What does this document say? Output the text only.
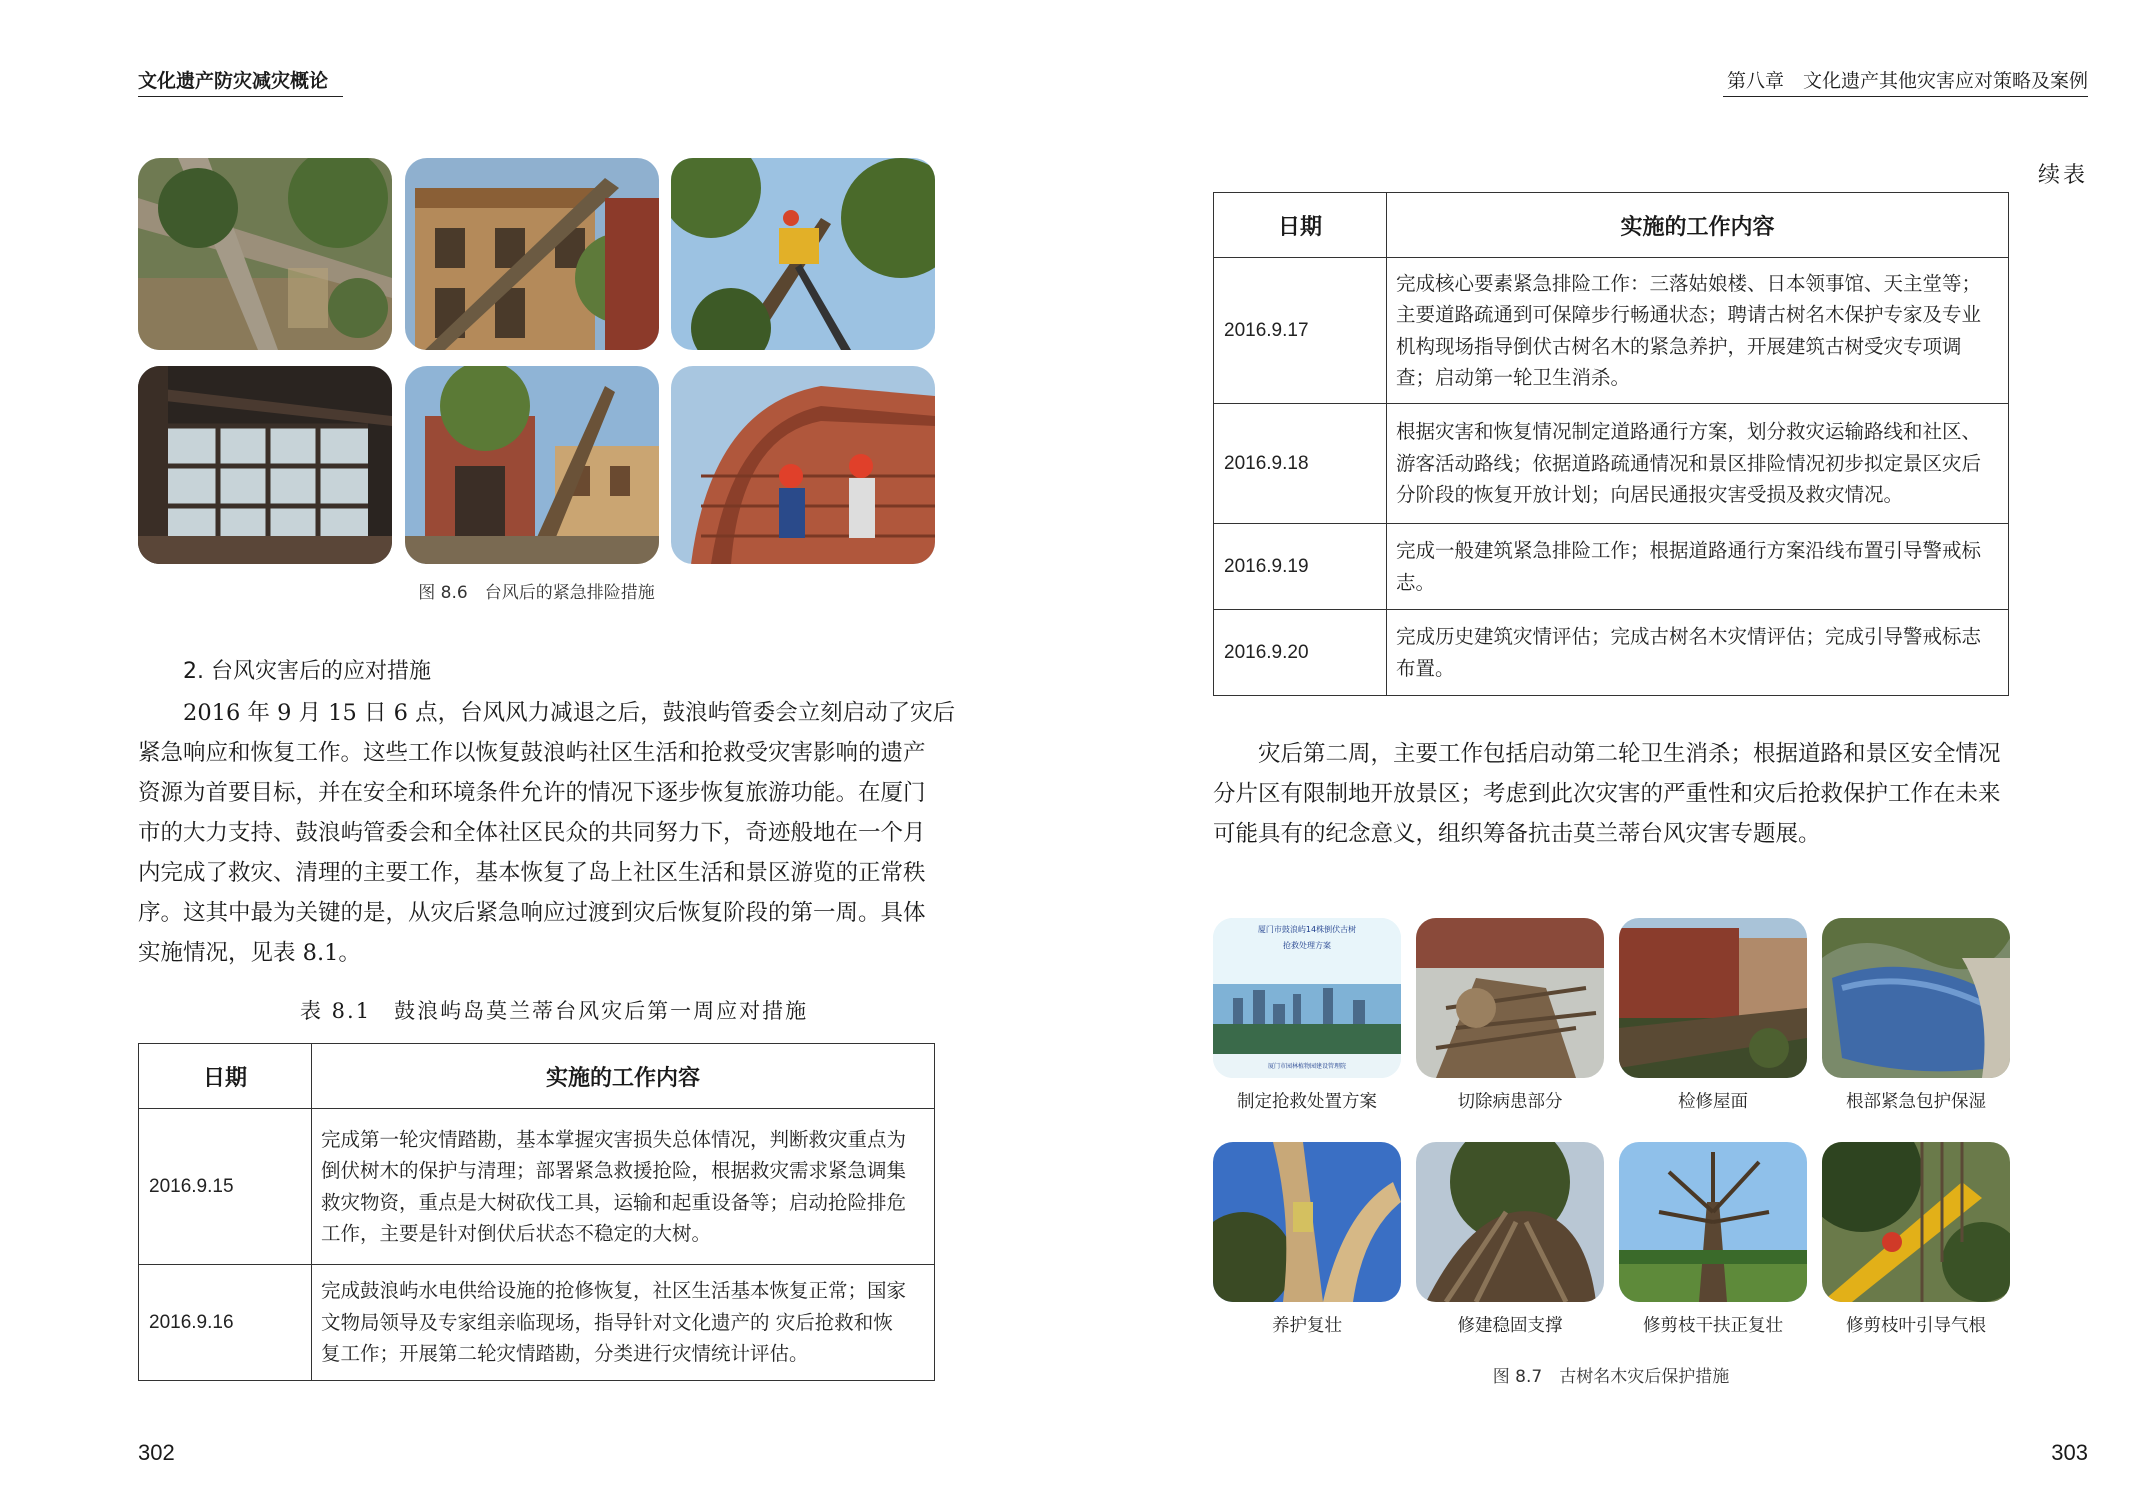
文化遗产防灾减灾概论
图 8.6　台风后的紧急排险措施
2. 台风灾害后的应对措施
2016 年 9 月 15 日 6 点，台风风力减退之后，鼓浪屿管委会立刻启动了灾后
紧急响应和恢复工作。这些工作以恢复鼓浪屿社区生活和抢救受灾害影响的遗产
资源为首要目标，并在安全和环境条件允许的情况下逐步恢复旅游功能。在厦门
市的大力支持、鼓浪屿管委会和全体社区民众的共同努力下，奇迹般地在一个月
内完成了救灾、清理的主要工作，基本恢复了岛上社区生活和景区游览的正常秩
序。这其中最为关键的是，从灾后紧急响应过渡到灾后恢复阶段的第一周。具体
实施情况，见表 8.1。
表 8.1　鼓浪屿岛莫兰蒂台风灾后第一周应对措施
日期	实施的工作内容
2016.9.15	完成第一轮灾情踏勘，基本掌握灾害损失总体情况，判断救灾重点为
倒伏树木的保护与清理；部署紧急救援抢险，根据救灾需求紧急调集
救灾物资，重点是大树砍伐工具，运输和起重设备等；启动抢险排危
工作，主要是针对倒伏后状态不稳定的大树。

2016.9.16	完成鼓浪屿水电供给设施的抢修恢复，社区生活基本恢复正常；国家
文物局领导及专家组亲临现场，指导针对文化遗产的 灾后抢救和恢
复工作；开展第二轮灾情踏勘，分类进行灾情统计评估。
302
第八章　文化遗产其他灾害应对策略及案例
续表
日期	实施的工作内容
2016.9.17	完成核心要素紧急排险工作：三落姑娘楼、日本领事馆、天主堂等；
主要道路疏通到可保障步行畅通状态；聘请古树名木保护专家及专业
机构现场指导倒伏古树名木的紧急养护，开展建筑古树受灾专项调
查；启动第一轮卫生消杀。

2016.9.18	根据灾害和恢复情况制定道路通行方案，划分救灾运输路线和社区、
游客活动路线；依据道路疏通情况和景区排险情况初步拟定景区灾后
分阶段的恢复开放计划；向居民通报灾害受损及救灾情况。

2016.9.19	完成一般建筑紧急排险工作；根据道路通行方案沿线布置引导警戒标
志。

2016.9.20	完成历史建筑灾情评估；完成古树名木灾情评估；完成引导警戒标志
布置。
灾后第二周，主要工作包括启动第二轮卫生消杀；根据道路和景区安全情况
分片区有限制地开放景区；考虑到此次灾害的严重性和灾后抢救保护工作在未来
可能具有的纪念意义，组织筹备抗击莫兰蒂台风灾害专题展。
厦门市鼓浪屿14株倒伏古树
抢救处理方案
厦门市园林植物园建设管理院
制定抢救处置方案	切除病患部分	检修屋面	根部紧急包护保湿
养护复壮	修建稳固支撑	修剪枝干扶正复壮	修剪枝叶引导气根
图 8.7　古树名木灾后保护措施
303
